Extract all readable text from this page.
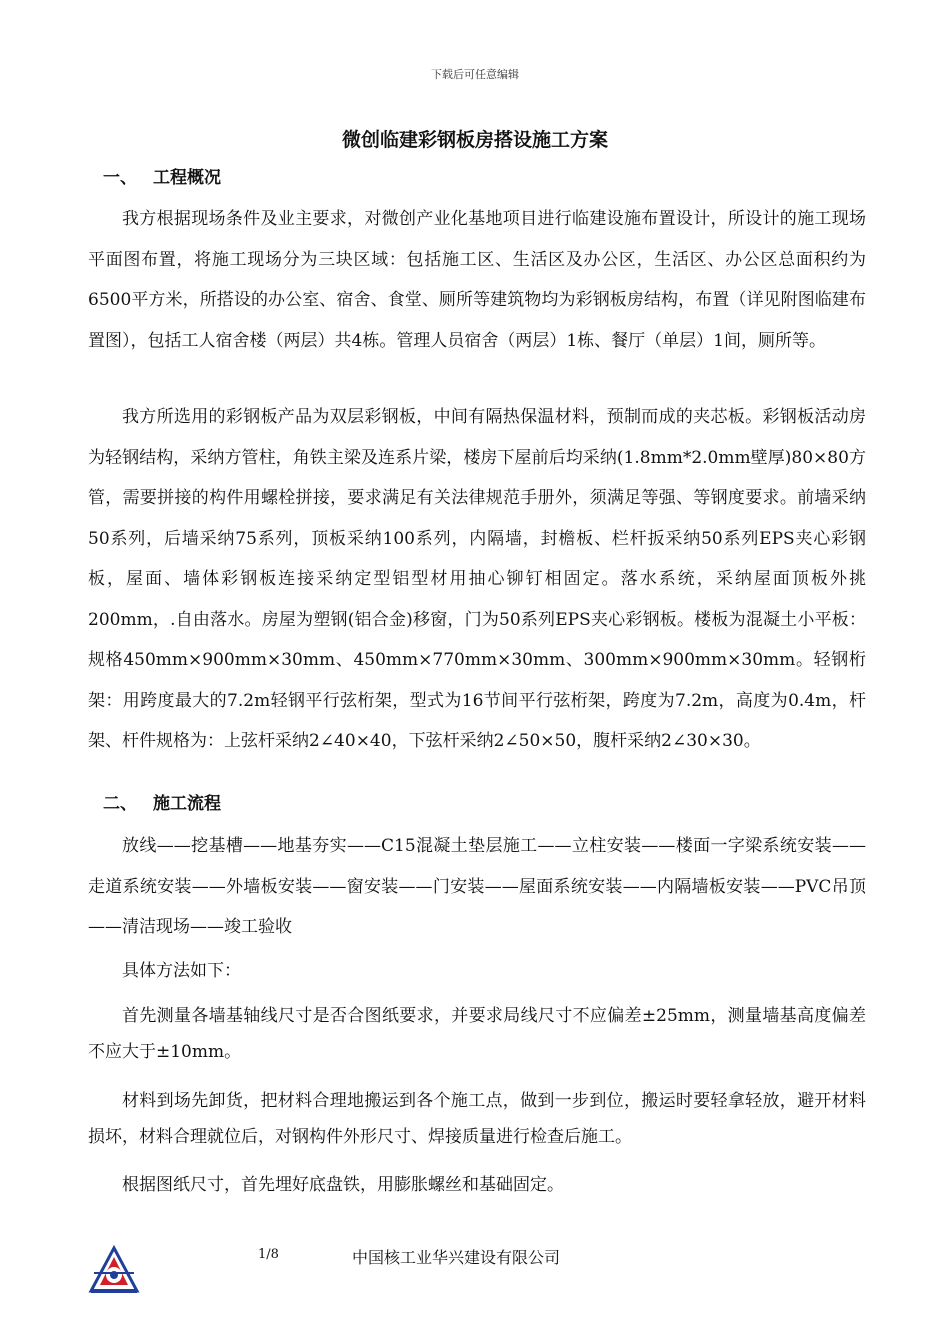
下载后可任意编辑
微创临建彩钢板房搭设施工方案
一、 工程概况

我方根据现场条件及业主要求，对微创产业化基地项目进行临建设施布置设计，所设计的施工现场平面图布置，将施工现场分为三块区域：包括施工区、生活区及办公区，生活区、办公区总面积约为6500平方米，所搭设的办公室、宿舍、食堂、厕所等建筑物均为彩钢板房结构，布置（详见附图临建布置图），包括工人宿舍楼（两层）共4栋。管理人员宿舍（两层）1栋、餐厅（单层）1间，厕所等。

我方所选用的彩钢板产品为双层彩钢板，中间有隔热保温材料，预制而成的夹芯板。彩钢板活动房为轻钢结构，采纳方管柱，角铁主梁及连系片梁，楼房下屋前后均采纳(1.8mm*2.0mm壁厚)80×80方管，需要拼接的构件用螺栓拼接，要求满足有关法律规范手册外，须满足等强、等钢度要求。前墙采纳50系列，后墙采纳75系列，顶板采纳100系列，内隔墙，封檐板、栏杆扳采纳50系列EPS夹心彩钢板，屋面、墙体彩钢板连接采纳定型铝型材用抽心铆钉相固定。落水系统，采纳屋面顶板外挑200mm，.自由落水。房屋为塑钢(铝合金)移窗，门为50系列EPS夹心彩钢板。楼板为混凝土小平板：规格450mm×900mm×30mm、450mm×770mm×30mm、300mm×900mm×30mm。轻钢桁架：用跨度最大的7.2m轻钢平行弦桁架，型式为16节间平行弦桁架，跨度为7.2m，高度为0.4m，杆架、杆件规格为：上弦杆采纳2∠40×40，下弦杆采纳2∠50×50，腹杆采纳2∠30×30。

二、 施工流程

放线——挖基槽——地基夯实——C15混凝土垫层施工——立柱安装——楼面一字梁系统安装——走道系统安装——外墙板安装——窗安装——门安装——屋面系统安装——内隔墙板安装——PVC吊顶——清洁现场——竣工验收

具体方法如下：

首先测量各墙基轴线尺寸是否合图纸要求，并要求局线尺寸不应偏差±25mm，测量墙基高度偏差不应大于±10mm。

材料到场先卸货，把材料合理地搬运到各个施工点，做到一步到位，搬运时要轻拿轻放，避开材料损坏，材料合理就位后，对钢构件外形尺寸、焊接质量进行检查后施工。

根据图纸尺寸，首先埋好底盘铁，用膨胀螺丝和基础固定。

1/8	中国核工业华兴建设有限公司
